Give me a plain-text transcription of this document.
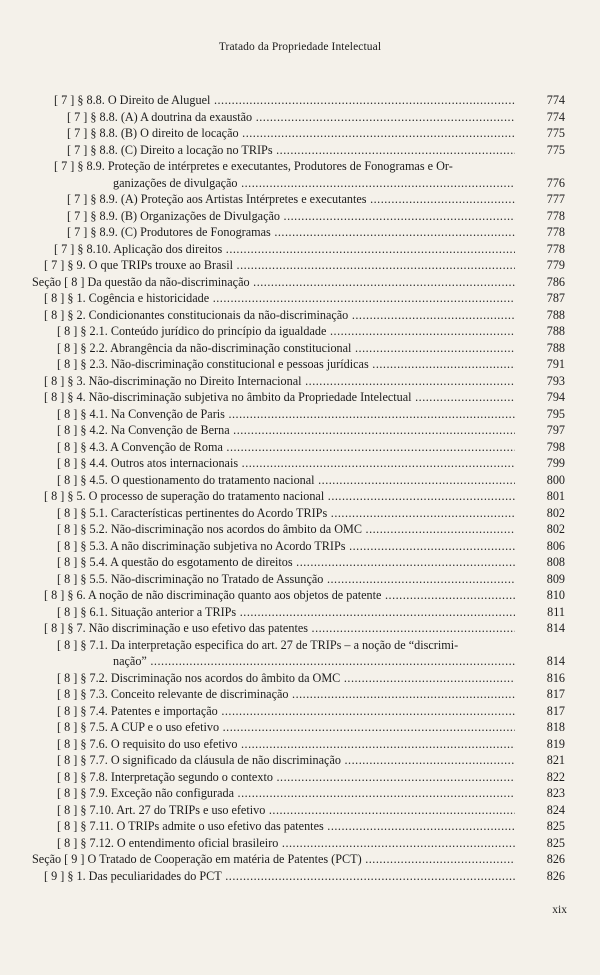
Tratado da Propriedade Intelectual
[ 7 ] § 8.8. O Direito de Aluguel .....	774
[ 7 ] § 8.8. (A) A doutrina da exaustão .....	774
[ 7 ] § 8.8. (B) O direito de locação .....	775
[ 7 ] § 8.8. (C) Direito a locação no TRIPs .....	775
[ 7 ] § 8.9. Proteção de intérpretes e executantes, Produtores de Fonogramas e Or-
ganizações de divulgação .....	776
[ 7 ] § 8.9. (A) Proteção aos Artistas Intérpretes e executantes .....	777
[ 7 ] § 8.9. (B) Organizações de Divulgação .....	778
[ 7 ] § 8.9. (C) Produtores de Fonogramas .....	778
[ 7 ] § 8.10. Aplicação dos direitos .....	778
[ 7 ] § 9. O que TRIPs trouxe ao Brasil .....	779
Seção [ 8 ] Da questão da não-discriminação .....	786
[ 8 ] § 1. Cogência e historicidade .....	787
[ 8 ] § 2. Condicionantes constitucionais da não-discriminação .....	788
[ 8 ] § 2.1. Conteúdo jurídico do princípio da igualdade .....	788
[ 8 ] § 2.2. Abrangência da não-discriminação constitucional .....	788
[ 8 ] § 2.3. Não-discriminação constitucional e pessoas jurídicas .....	791
[ 8 ] § 3. Não-discriminação no Direito Internacional .....	793
[ 8 ] § 4. Não-discriminação subjetiva no âmbito da Propriedade Intelectual .....	794
[ 8 ] § 4.1. Na Convenção de Paris .....	795
[ 8 ] § 4.2. Na Convenção de Berna .....	797
[ 8 ] § 4.3. A Convenção de Roma .....	798
[ 8 ] § 4.4. Outros atos internacionais .....	799
[ 8 ] § 4.5. O questionamento do tratamento nacional .....	800
[ 8 ] § 5. O processo de superação do tratamento nacional .....	801
[ 8 ] § 5.1. Características pertinentes do Acordo TRIPs .....	802
[ 8 ] § 5.2. Não-discriminação nos acordos do âmbito da OMC .....	802
[ 8 ] § 5.3. A não discriminação subjetiva no Acordo TRIPs .....	806
[ 8 ] § 5.4. A questão do esgotamento de direitos .....	808
[ 8 ] § 5.5. Não-discriminação no Tratado de Assunção .....	809
[ 8 ] § 6. A noção de não discriminação quanto aos objetos de patente .....	810
[ 8 ] § 6.1. Situação anterior a TRIPs .....	811
[ 8 ] § 7. Não discriminação e uso efetivo das patentes .....	814
[ 8 ] § 7.1. Da interpretação especifica do art. 27 de TRIPs – a noção de “discrimi-
nação” .....	814
[ 8 ] § 7.2. Discriminação nos acordos do âmbito da OMC .....	816
[ 8 ] § 7.3. Conceito relevante de discriminação .....	817
[ 8 ] § 7.4. Patentes e importação .....	817
[ 8 ] § 7.5. A CUP e o uso efetivo .....	818
[ 8 ] § 7.6. O requisito do uso efetivo .....	819
[ 8 ] § 7.7. O significado da cláusula de não discriminação .....	821
[ 8 ] § 7.8. Interpretação segundo o contexto .....	822
[ 8 ] § 7.9. Exceção não configurada .....	823
[ 8 ] § 7.10. Art. 27 do TRIPs e uso efetivo .....	824
[ 8 ] § 7.11. O TRIPs admite o uso efetivo das patentes .....	825
[ 8 ] § 7.12. O entendimento oficial brasileiro .....	825
Seção [ 9 ] O Tratado de Cooperação em matéria de Patentes (PCT) .....	826
[ 9 ] § 1. Das peculiaridades do PCT .....	826
xix
